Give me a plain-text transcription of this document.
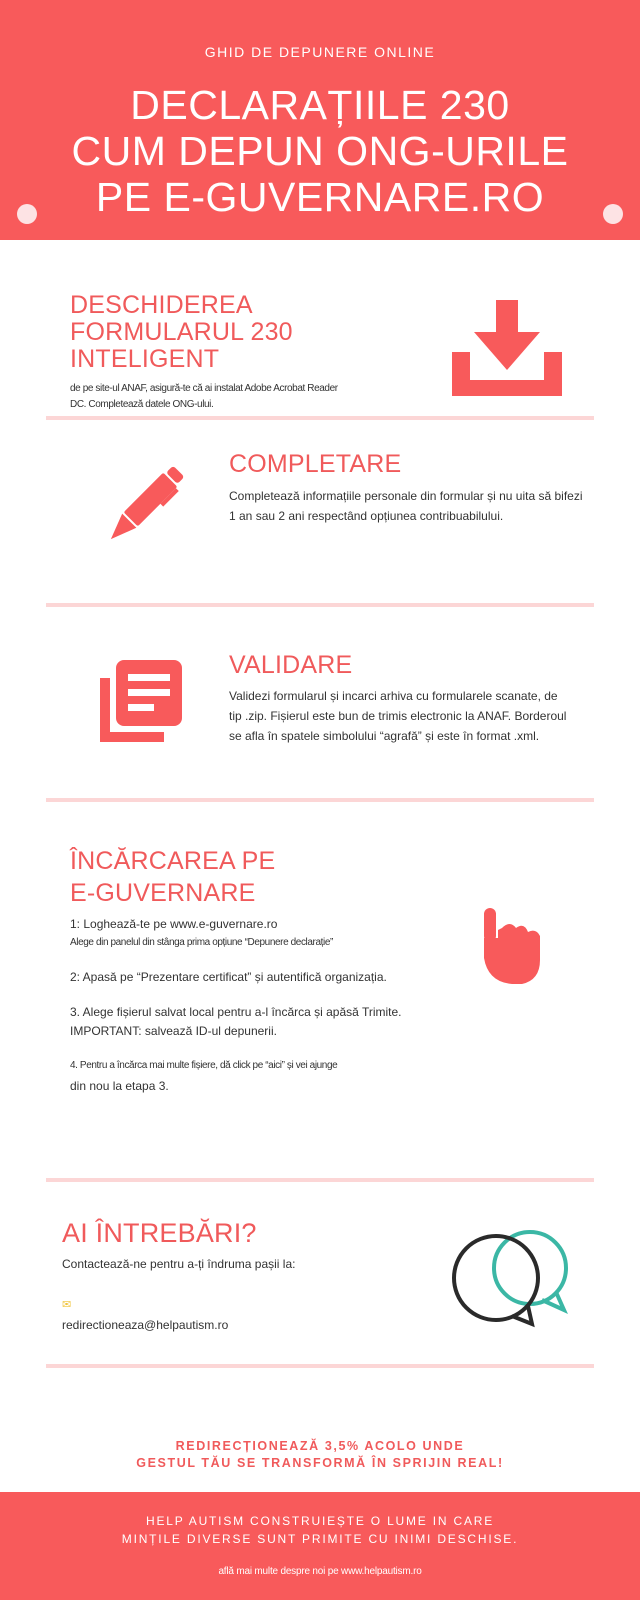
GHID DE DEPUNERE ONLINE
DECLARAȚIILE 230
CUM DEPUN ONG-URILE
PE E-GUVERNARE.RO
DESCHIDEREA
FORMULARUL 230
INTELIGENT
de pe site-ul ANAF, asigură-te că ai instalat Adobe Acrobat Reader
DC. Completează datele ONG-ului.
COMPLETARE
Completează informațiile personale din formular și nu uita să bifezi
1 an sau 2 ani respectând opțiunea contribuabilului.
VALIDARE
Validezi formularul și incarci arhiva cu formularele scanate, de
tip .zip. Fișierul este bun de trimis electronic la ANAF. Borderoul
se afla în spatele simbolului “agrafă” și este în format .xml.
ÎNCĂRCAREA PE
E-GUVERNARE
1: Loghează-te pe www.e-guvernare.ro
Alege din panelul din stânga prima opțiune “Depunere declarație”
2: Apasă pe “Prezentare certificat” și autentifică organizația.
3. Alege fișierul salvat local pentru a-l încărca și apăsă Trimite.
IMPORTANT: salvează ID-ul depunerii.
4. Pentru a încărca mai multe fișiere, dă click pe “aici” și vei ajunge
din nou la etapa 3.
AI ÎNTREBĂRI?
Contactează-ne pentru a-ți îndruma pașii la:

✉
redirectioneaza@helpautism.ro

REDIRECȚIONEAZĂ 3,5% ACOLO UNDE
GESTUL TĂU SE TRANSFORMĂ ÎN SPRIJIN REAL!
HELP AUTISM CONSTRUIEȘTE O LUME IN CARE
MINȚILE DIVERSE SUNT PRIMITE CU INIMI DESCHISE.
află mai multe despre noi pe www.helpautism.ro
